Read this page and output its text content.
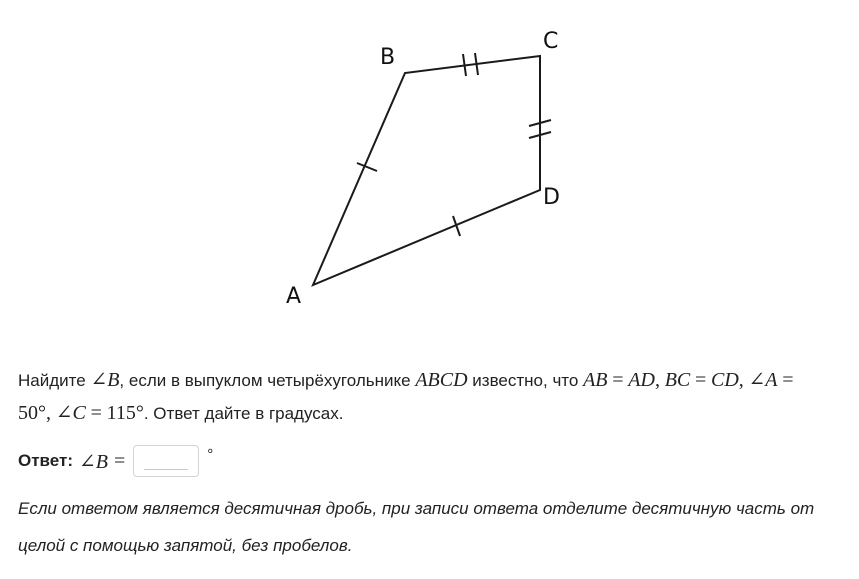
A
B
C
D
Найдите ∠B, если в выпуклом четырёхугольнике ABCD известно, что AB = AD, BC = CD, ∠A = 50°, ∠C = 115°. Ответ дайте в градусах.
Ответ: ∠B =	°
Если ответом является десятичная дробь, при записи ответа отделите десятичную часть от целой с помощью запятой, без пробелов.
